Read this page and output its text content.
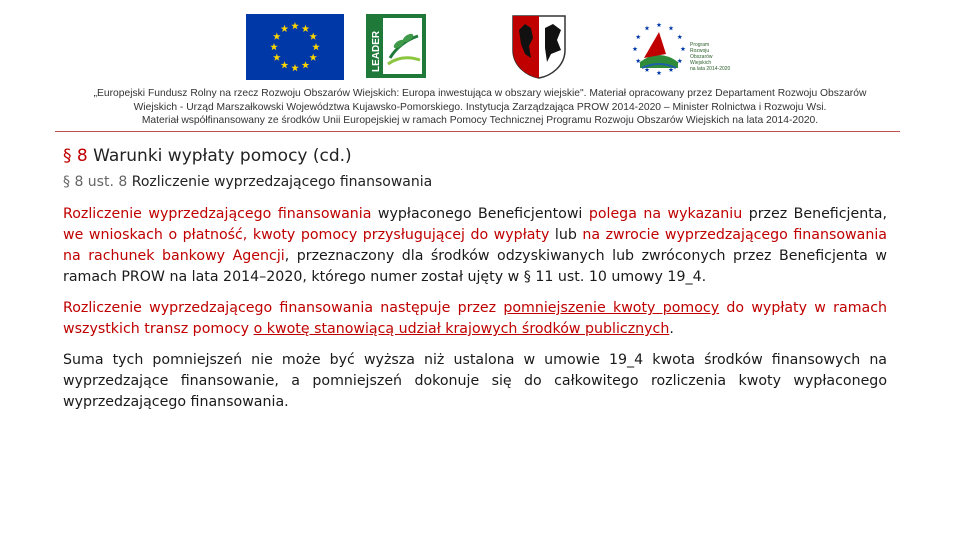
LEADER	Program
Rozwoju
Obszarów
Wiejskich
na lata 2014-2020
„Europejski Fundusz Rolny na rzecz Rozwoju Obszarów Wiejskich: Europa inwestująca w obszary wiejskie". Materiał opracowany przez Departament Rozwoju Obszarów
Wiejskich - Urząd Marszałkowski Województwa Kujawsko-Pomorskiego. Instytucja Zarządzająca PROW 2014-2020 – Minister Rolnictwa i Rozwoju Wsi.
Materiał współfinansowany ze środków Unii Europejskiej w ramach Pomocy Technicznej Programu Rozwoju Obszarów Wiejskich na lata 2014-2020.
§ 8 Warunki wypłaty pomocy (cd.)
§ 8 ust. 8 Rozliczenie wyprzedzającego finansowania

Rozliczenie wyprzedzającego finansowania wypłaconego Beneficjentowi polega na wykazaniu przez Beneficjenta, we wnioskach o płatność, kwoty pomocy przysługującej do wypłaty lub na zwrocie wyprzedzającego finansowania na rachunek bankowy Agencji, przeznaczony dla środków odzyskiwanych lub zwróconych przez Beneficjenta w ramach PROW na lata 2014–2020, którego numer został ujęty w § 11 ust. 10 umowy 19_4.

Rozliczenie wyprzedzającego finansowania następuje przez pomniejszenie kwoty pomocy do wypłaty w ramach wszystkich transz pomocy o kwotę stanowiącą udział krajowych środków publicznych.

Suma tych pomniejszeń nie może być wyższa niż ustalona w umowie 19_4 kwota środków finansowych na wyprzedzające finansowanie, a pomniejszeń dokonuje się do całkowitego rozliczenia kwoty wypłaconego wyprzedzającego finansowania.
